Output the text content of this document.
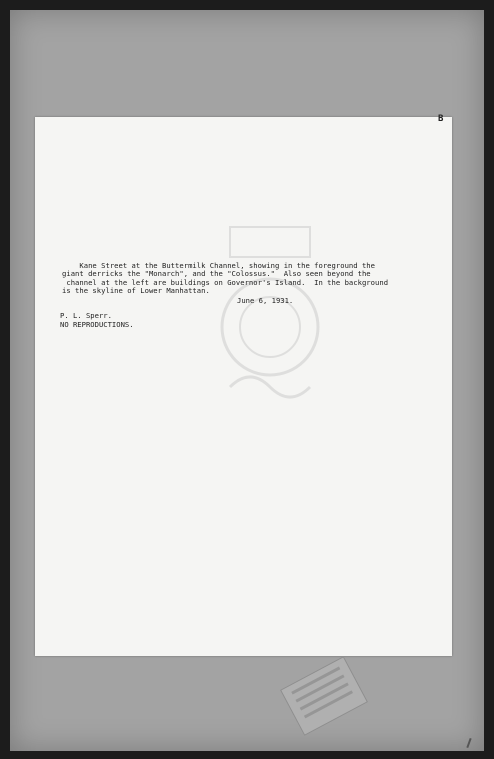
B
Kane Street at the Buttermilk Channel, showing in the foreground the
giant derricks the "Monarch", and the "Colossus."  Also seen beyond the
channel at the left are buildings on Governor's Island.  In the background
is the skyline of Lower Manhattan.
June 6, 1931.
P. L. Sperr.
NO REPRODUCTIONS.
